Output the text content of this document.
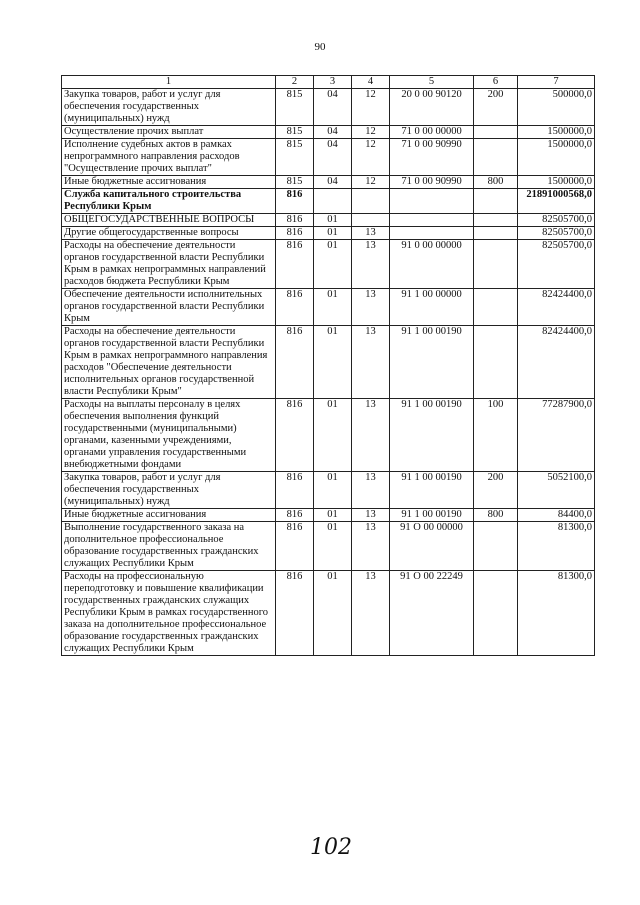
90
1	2	3	4	5	6	7
Закупка товаров, работ и услуг для обеспечения государственных (муниципальных) нужд	815	04	12	20 0 00 90120	200	500000,0
Осуществление прочих выплат	815	04	12	71 0 00 00000		1500000,0
Исполнение судебных актов в рамках непрограммного направления расходов "Осуществление прочих выплат"	815	04	12	71 0 00 90990		1500000,0
Иные бюджетные ассигнования	815	04	12	71 0 00 90990	800	1500000,0
Служба капитального строительства Республики Крым	816					21891000568,0
ОБЩЕГОСУДАРСТВЕННЫЕ ВОПРОСЫ	816	01				82505700,0
Другие общегосударственные вопросы	816	01	13			82505700,0
Расходы на обеспечение деятельности органов государственной власти Республики Крым в рамках непрограммных направлений расходов бюджета Республики Крым	816	01	13	91 0 00 00000		82505700,0
Обеспечение деятельности исполнительных органов государственной власти Республики Крым	816	01	13	91 1 00 00000		82424400,0
Расходы на обеспечение деятельности органов государственной власти Республики Крым в рамках непрограммного направления расходов "Обеспечение деятельности исполнительных органов государственной власти Республики Крым"	816	01	13	91 1 00 00190		82424400,0
Расходы на выплаты персоналу в целях обеспечения выполнения функций государственными (муниципальными) органами, казенными учреждениями, органами управления государственными внебюджетными фондами	816	01	13	91 1 00 00190	100	77287900,0
Закупка товаров, работ и услуг для обеспечения государственных (муниципальных) нужд	816	01	13	91 1 00 00190	200	5052100,0
Иные бюджетные ассигнования	816	01	13	91 1 00 00190	800	84400,0
Выполнение государственного заказа на дополнительное профессиональное образование государственных гражданских служащих Республики Крым	816	01	13	91 О 00 00000		81300,0
Расходы на профессиональную переподготовку и повышение квалификации государственных гражданских служащих Республики Крым в рамках государственного заказа на дополнительное профессиональное образование государственных гражданских служащих Республики Крым	816	01	13	91 О 00 22249		81300,0
102
